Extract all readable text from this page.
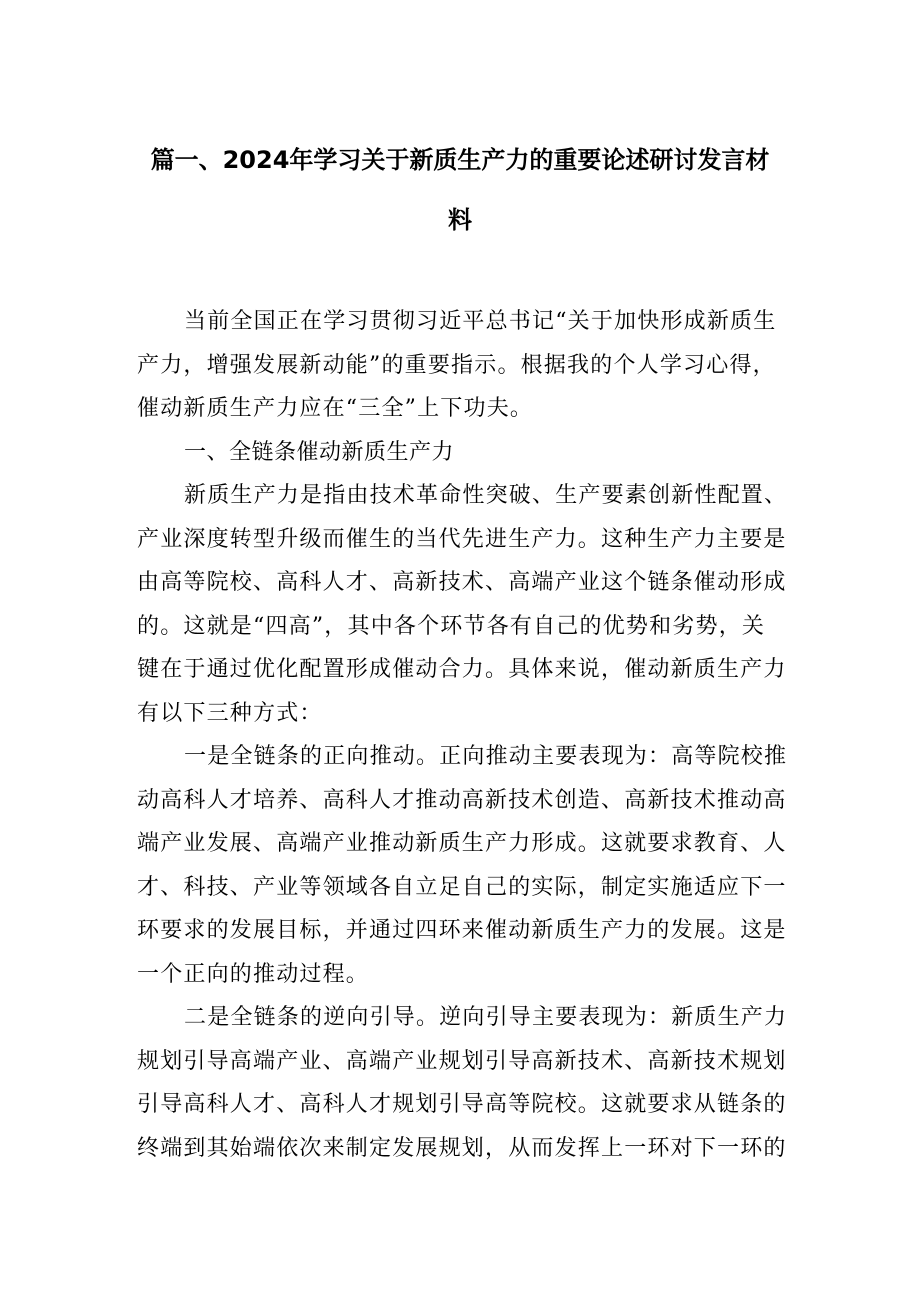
篇一、2024年学习关于新质生产力的重要论述研讨发言材
料
当前全国正在学习贯彻习近平总书记“关于加快形成新质生
产力，增强发展新动能”的重要指示。根据我的个人学习心得，
催动新质生产力应在“三全”上下功夫。
一、全链条催动新质生产力
新质生产力是指由技术革命性突破、生产要素创新性配置、
产业深度转型升级而催生的当代先进生产力。这种生产力主要是
由高等院校、高科人才、高新技术、高端产业这个链条催动形成
的。这就是“四高”，其中各个环节各有自己的优势和劣势，关
键在于通过优化配置形成催动合力。具体来说，催动新质生产力
有以下三种方式：
一是全链条的正向推动。正向推动主要表现为：高等院校推
动高科人才培养、高科人才推动高新技术创造、高新技术推动高
端产业发展、高端产业推动新质生产力形成。这就要求教育、人
才、科技、产业等领域各自立足自己的实际，制定实施适应下一
环要求的发展目标，并通过四环来催动新质生产力的发展。这是
一个正向的推动过程。
二是全链条的逆向引导。逆向引导主要表现为：新质生产力
规划引导高端产业、高端产业规划引导高新技术、高新技术规划
引导高科人才、高科人才规划引导高等院校。这就要求从链条的
终端到其始端依次来制定发展规划，从而发挥上一环对下一环的
